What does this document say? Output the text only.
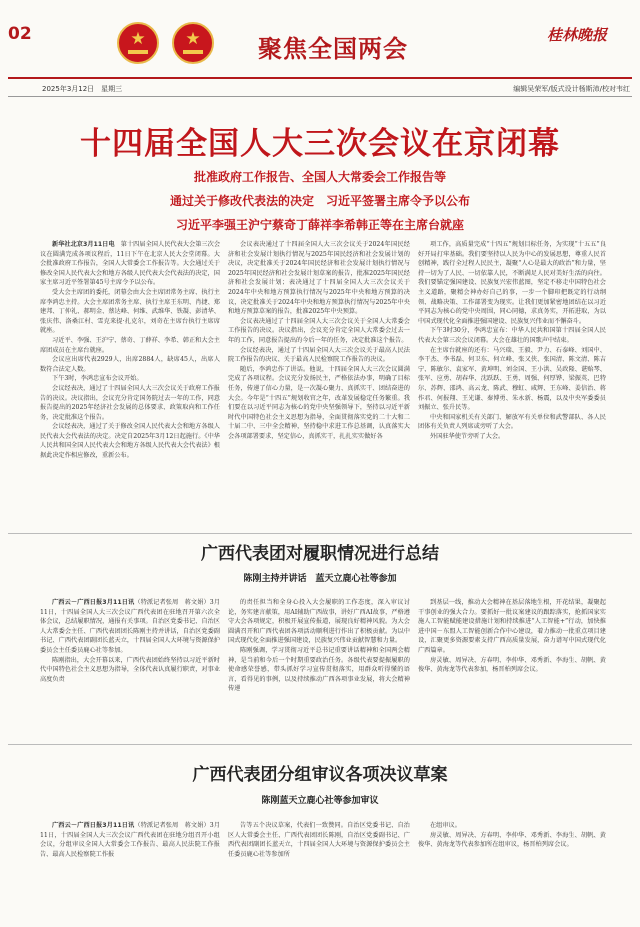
02	★	★	聚焦全国两会	桂林晚报
2025年3月12日　星期三	编辑吴荣军/版式设计杨斯沛/校对韦红
十四届全国人大三次会议在京闭幕
批准政府工作报告、全国人大常委会工作报告等
通过关于修改代表法的决定　习近平签署主席令予以公布
习近平李强王沪宁蔡奇丁薛祥李希韩正等在主席台就座

新华社北京3月11日电　第十四届全国人民代表大会第三次会议在圆满完成各项议程后，11日下午在北京人民大会堂闭幕。大会批准政府工作报告，全国人大常委会工作报告等。大会通过关于修改全国人民代表大会和地方各级人民代表大会代表法的决定，国家主席习近平签署第45号主席令予以公布。

受大会主席团的委托，闭幕会由大会主席团常务主席、执行主席李鸿忠主持。大会主席团常务主席、执行主席王东明、肖捷、郑建邦、丁仲礼、郝明金、蔡达峰、何维、武维华、铁凝、彭清华、张庆伟、洛桑江村、雪克来提·扎克尔，刘奇在主席台执行主席席就座。

习近平、李强、王沪宁、蔡奇、丁薛祥、李希、韩正和大会主席团成员在主席台就座。

会议应出席代表2929人，出席2884人，缺席45人，出席人数符合法定人数。

下午3时，李鸿忠宣布会议开始。

会议经表决，通过了十四届全国人大三次会议关于政府工作报告的决议。决议指出，会议充分肯定国务院过去一年的工作，同意报告提出的2025年经济社会发展的总体要求、政策取向和工作任务，决定批准这个报告。

会议经表决，通过了关于修改全国人民代表大会和地方各级人民代表大会代表法的决定。决定自2025年3月12日起施行。《中华人民共和国全国人民代表大会和地方各级人民代表大会代表法》根据此决定作相应修改，重新公布。

会议表决通过了十四届全国人大三次会议关于2024年国民经济和社会发展计划执行情况与2025年国民经济和社会发展计划的决议，决定批准关于2024年国民经济和社会发展计划执行情况与2025年国民经济和社会发展计划草案的报告，批准2025年国民经济和社会发展计划；表决通过了十四届全国人大三次会议关于2024年中央和地方预算执行情况与2025年中央和地方预算的决议，决定批准关于2024年中央和地方预算执行情况与2025年中央和地方预算草案的报告，批准2025年中央预算。

会议表决通过了十四届全国人大三次会议关于全国人大常委会工作报告的决议。决议指出，会议充分肯定全国人大常委会过去一年的工作，同意报告提出的今后一年的任务，决定批准这个报告。

会议经表决，通过了十四届全国人大三次会议关于最高人民法院工作报告的决议、关于最高人民检察院工作报告的决议。

随后，李鸿忠作了讲话。他说，十四届全国人大三次会议圆满完成了各项议程。会议充分发扬民主，严格依法办事，明确了目标任务，传递了信心力量，是一次凝心聚力、真抓实干、团结奋进的大会。今年是“十四五”规划收官之年，改革发展稳定任务繁重。我们要在以习近平同志为核心的党中央坚强领导下，坚持以习近平新时代中国特色社会主义思想为指导，全面贯彻落实党的二十大和二十届二中、三中全会精神，坚持稳中求进工作总基调，认真落实大会各项部署要求，坚定信心，真抓实干，扎扎实实做好各

项工作，高质量完成“十四五”规划目标任务，为实现“十五五”良好开局打牢基础。我们要坚持以人民为中心的发展思想，尊重人民首创精神，践行全过程人民民主，凝聚“人心是最大的政治”和力量，坚持一切为了人民、一切依靠人民，不断满足人民对美好生活的向往。我们要锚定强国建设、民族复兴宏伟蓝图，坚定不移走中国特色社会主义道路，聚精会神办好自己的事，一步一个脚印把既定的行动纲领、战略决策、工作部署变为现实。让我们更加紧密地团结在以习近平同志为核心的党中央周围，同心同德，求真务实，开拓进取，为以中国式现代化全面推进强国建设、民族复兴伟业而不懈奋斗。

下午3时30分，李鸿忠宣布：中华人民共和国第十四届全国人民代表大会第三次会议闭幕。大会在雄壮的国歌声中结束。

在主席台就座的还有：马兴瑞、王毅、尹力、石泰峰、刘国中、李干杰、李书磊、何卫东、何立峰、张又侠、张国清、陈文清、陈吉宁、陈敏尔、袁家军、黄坤明、刘金国、王小洪、吴政隆、谌贻琴、张军、应勇、胡春华、沈跃跃、王勇、周强、何厚铧、梁振英、巴特尔、苏辉、邵鸿、高云龙、陈武、穆虹、咸辉、王东峰、姜信治、蒋作君、何报翔、王光谦、秦博勇、朱永新、杨震，以及中央军委委员刘振立、张升民等。

中央和国家机关有关部门、解放军有关单位和武警部队、各人民团体有关负责人列席或旁听了大会。

外国驻华使节旁听了大会。

广西代表团对履职情况进行总结
陈刚主持并讲话　蓝天立鹿心社等参加

广西云－广西日报3月11日讯（特派记者张周　蒋文娟）3月11日，十四届全国人大三次会议广西代表团在驻地召开第六次全体会议，总结履职情况，通报有关事项。自治区党委书记、自治区人大常委会主任、广西代表团团长陈刚主持并讲话，自治区党委副书记、广西代表团副团长蓝天立，十四届全国人大环境与资源保护委员会主任委员鹿心社等参加。

陈刚指出，大会开幕以来，广西代表团始终坚持以习近平新时代中国特色社会主义思想为指导，全体代表认真履行职责，对事业高度负责

的责任担当和全身心投入大会履职的工作态度，深入审议讨论，务实建言献策，用AI辅助广西故事，讲好广西AI故事，严格遵守大会各项规定，积极开展宣传报道，展现良好精神风貌。为大会圆满召开和广西代表团各项活动顺利进行作出了积极贡献。为以中国式现代化全面推进强国建设，民族复兴伟业贡献智慧和力量。

陈刚强调，学习贯彻习近平总书记重要讲话精神和全国两会精神，是当前和今后一个时期重要政治任务。各级代表要提振履职的使命感荣誉感，带头抓好学习宣传贯彻落实，用群众听得懂的语言，看得见的事例，以及持续推动广西各项事业发展，将大会精神传递

到基层一线，推动大会精神在基层落地生根，开花结果，凝聚起干事创业的强大合力。要抓好一批议案建议的跟踪落实，抢抓国家实施人工智能赋能建设措施计划和持续推进“人工智能+”行动，加快推进中国－东盟人工智能创新合作中心建设，着力推动一批重点项目建设，汇聚更多资源要素支持广西高质量发展，奋力谱写中国式现代化广西篇章。

房灵敏、周异决、方春明、李仲华、邓秀新、李海生、胡帆、黄俊华、黄海龙等代表参加，杨晋柏列席会议。

广西代表团分组审议各项决议草案
陈刚蓝天立鹿心社等参加审议

广西云－广西日报3月11日讯（特派记者张周　蒋文娟）3月11日，十四届全国人大三次会议广西代表团在驻地分组召开小组会议，分组审议全国人大常委会工作报告、最高人民法院工作报告、最高人民检察院工作报

告等五个决议草案，代表们一致赞同。自治区党委书记、自治区人大常委会主任、广西代表团团长陈刚，自治区党委副书记、广西代表团副团长蓝天立，十四届全国人大环境与资源保护委员会主任委员鹿心社等参加所

在组审议。

房灵敏、周异决、方春明、李仲华、邓秀新、李海生、胡帆、黄俊华、黄海龙等代表参加所在组审议，杨晋柏列席会议。
